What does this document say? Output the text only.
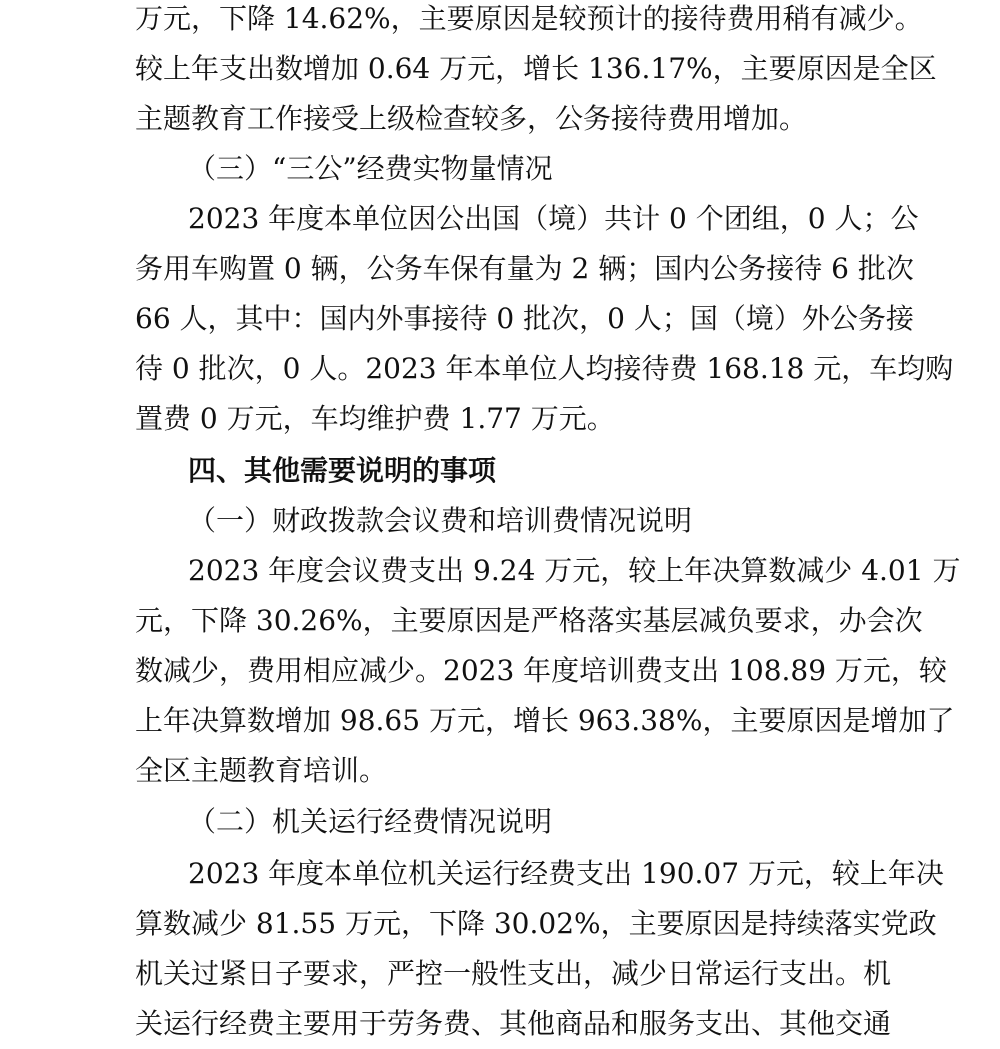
万元，下降 14.62%，主要原因是较预计的接待费用稍有减少。
较上年支出数增加 0.64 万元，增长 136.17%，主要原因是全区
主题教育工作接受上级检查较多，公务接待费用增加。
（三）“三公”经费实物量情况
2023 年度本单位因公出国（境）共计 0 个团组，0 人；公
务用车购置 0 辆，公务车保有量为 2 辆；国内公务接待 6 批次
66 人，其中：国内外事接待 0 批次，0 人；国（境）外公务接
待 0 批次，0 人。2023 年本单位人均接待费 168.18 元，车均购
置费 0 万元，车均维护费 1.77 万元。
四、其他需要说明的事项
（一）财政拨款会议费和培训费情况说明
2023 年度会议费支出 9.24 万元，较上年决算数减少 4.01 万
元，下降 30.26%，主要原因是严格落实基层减负要求，办会次
数减少，费用相应减少。2023 年度培训费支出 108.89 万元，较
上年决算数增加 98.65 万元，增长 963.38%，主要原因是增加了
全区主题教育培训。
（二）机关运行经费情况说明
2023 年度本单位机关运行经费支出 190.07 万元，较上年决
算数减少 81.55 万元，下降 30.02%，主要原因是持续落实党政
机关过紧日子要求，严控一般性支出，减少日常运行支出。机
关运行经费主要用于劳务费、其他商品和服务支出、其他交通
